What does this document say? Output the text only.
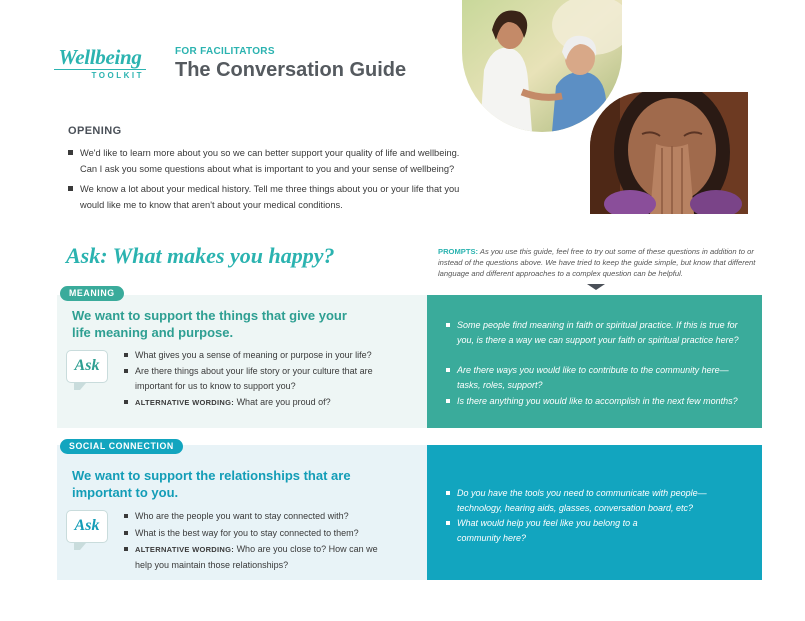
Wellbeing
TOOLKIT
FOR FACILITATORS
The Conversation Guide
OPENING
We'd like to learn more about you so we can better support your quality of life and wellbeing. Can I ask you some questions about what is important to you and your sense of wellbeing?
We know a lot about your medical history. Tell me three things about you or your life that you would like me to know that aren't about your medical conditions.
Ask: What makes you happy?	PROMPTS: As you use this guide, feel free to try out some of these questions in addition to or instead of the questions above. We have tried to keep the guide simple, but know that different language and different approaches to a complex question can be helpful.
MEANING
We want to support the things that give your life meaning and purpose.
Ask
What gives you a sense of meaning or purpose in your life?
Are there things about your life story or your culture that are important for us to know to support you?
ALTERNATIVE WORDING: What are you proud of?
Some people find meaning in faith or spiritual practice. If this is true for you, is there a way we can support your faith or spiritual practice here?
Are there ways you would like to contribute to the community here—tasks, roles, support?
Is there anything you would like to accomplish in the next few months?
SOCIAL CONNECTION
We want to support the relationships that are important to you.
Ask
Who are the people you want to stay connected with?
What is the best way for you to stay connected to them?
ALTERNATIVE WORDING: Who are you close to? How can we help you maintain those relationships?
Do you have the tools you need to communicate with people—technology, hearing aids, glasses, conversation board, etc?
What would help you feel like you belong to a community here?
